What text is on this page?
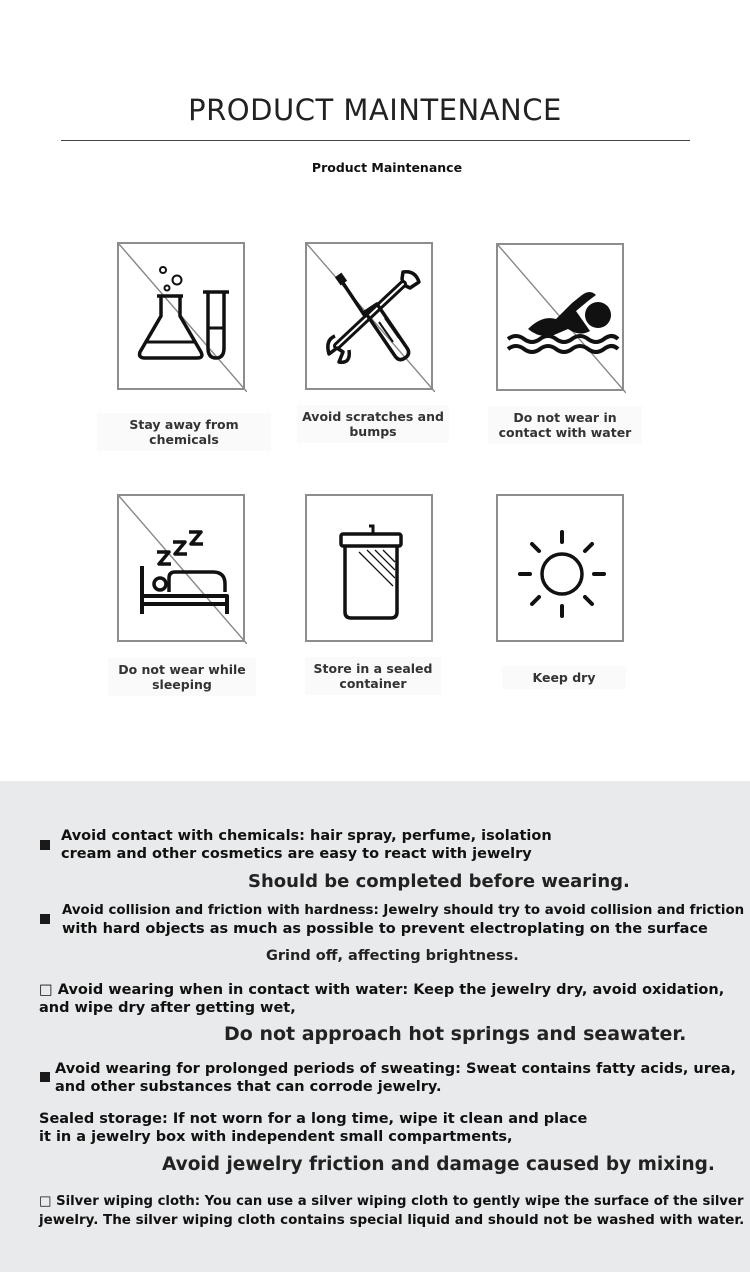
PRODUCT MAINTENANCE
Product Maintenance
Stay away from chemicals
Avoid scratches and bumps
Do not wear in contact with water
Do not wear while sleeping
Store in a sealed container	Keep dry
Avoid contact with chemicals: hair spray, perfume, isolation
cream and other cosmetics are easy to react with jewelry
Should be completed before wearing.
Avoid collision and friction with hardness: Jewelry should try to avoid collision and friction
with hard objects as much as possible to prevent electroplating on the surface
Grind off, affecting brightness.
□ Avoid wearing when in contact with water: Keep the jewelry dry, avoid oxidation,
and wipe dry after getting wet,
Do not approach hot springs and seawater.
Avoid wearing for prolonged periods of sweating: Sweat contains fatty acids, urea,
and other substances that can corrode jewelry.
Sealed storage: If not worn for a long time, wipe it clean and place
it in a jewelry box with independent small compartments,
Avoid jewelry friction and damage caused by mixing.
□ Silver wiping cloth: You can use a silver wiping cloth to gently wipe the surface of the silver
jewelry. The silver wiping cloth contains special liquid and should not be washed with water.
